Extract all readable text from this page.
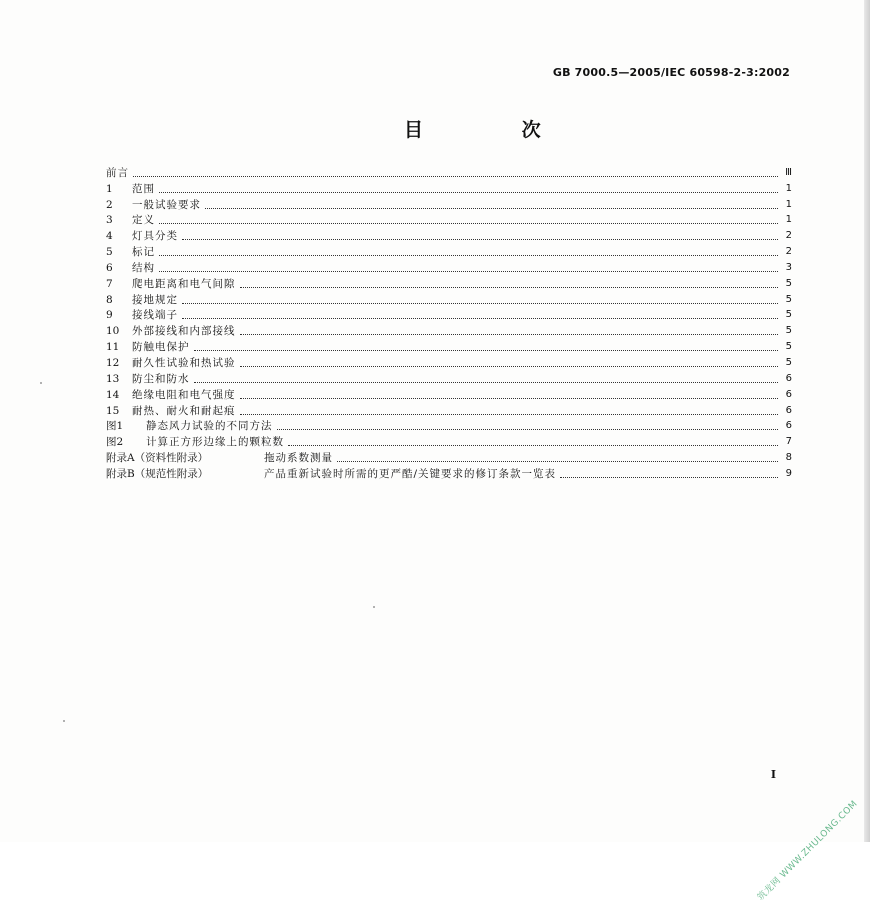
GB 7000.5—2005/IEC 60598-2-3:2002
目 次
前言	Ⅲ
1	范围	1
2	一般试验要求	1
3	定义	1
4	灯具分类	2
5	标记	2
6	结构	3
7	爬电距离和电气间隙	5
8	接地规定	5
9	接线端子	5
10	外部接线和内部接线	5
11	防触电保护	5
12	耐久性试验和热试验	5
13	防尘和防水	6
14	绝缘电阻和电气强度	6
15	耐热、耐火和耐起痕	6
图1	静态风力试验的不同方法	6
图2	计算正方形边缘上的颗粒数	7
附录A（资料性附录）	拖动系数测量	8
附录B（规范性附录）	产品重新试验时所需的更严酷/关键要求的修订条款一览表	9
I
筑龙网 WWW.ZHULONG.COM
